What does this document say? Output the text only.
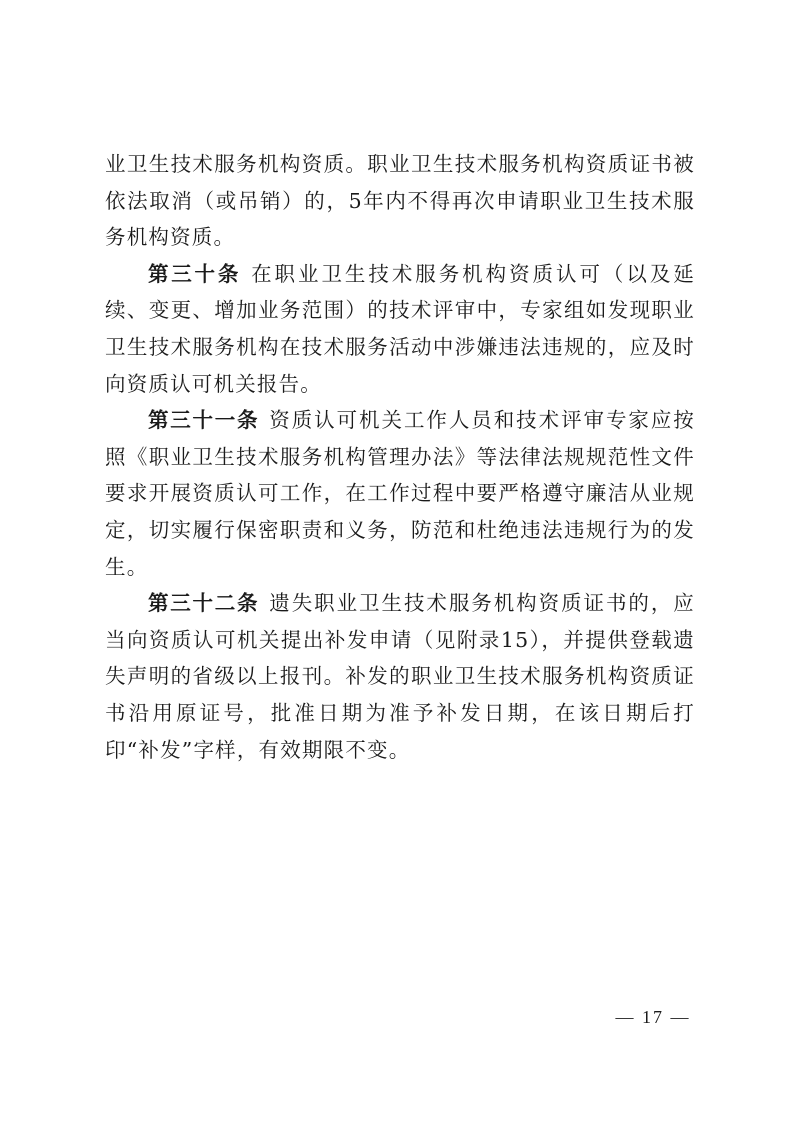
业卫生技术服务机构资质。职业卫生技术服务机构资质证书被依法取消（或吊销）的，5年内不得再次申请职业卫生技术服务机构资质。

第三十条 在职业卫生技术服务机构资质认可（以及延续、变更、增加业务范围）的技术评审中，专家组如发现职业卫生技术服务机构在技术服务活动中涉嫌违法违规的，应及时向资质认可机关报告。

第三十一条 资质认可机关工作人员和技术评审专家应按照《职业卫生技术服务机构管理办法》等法律法规规范性文件要求开展资质认可工作，在工作过程中要严格遵守廉洁从业规定，切实履行保密职责和义务，防范和杜绝违法违规行为的发生。

第三十二条 遗失职业卫生技术服务机构资质证书的，应当向资质认可机关提出补发申请（见附录15），并提供登载遗失声明的省级以上报刊。补发的职业卫生技术服务机构资质证书沿用原证号，批准日期为准予补发日期，在该日期后打印“补发”字样，有效期限不变。

— 17 —
